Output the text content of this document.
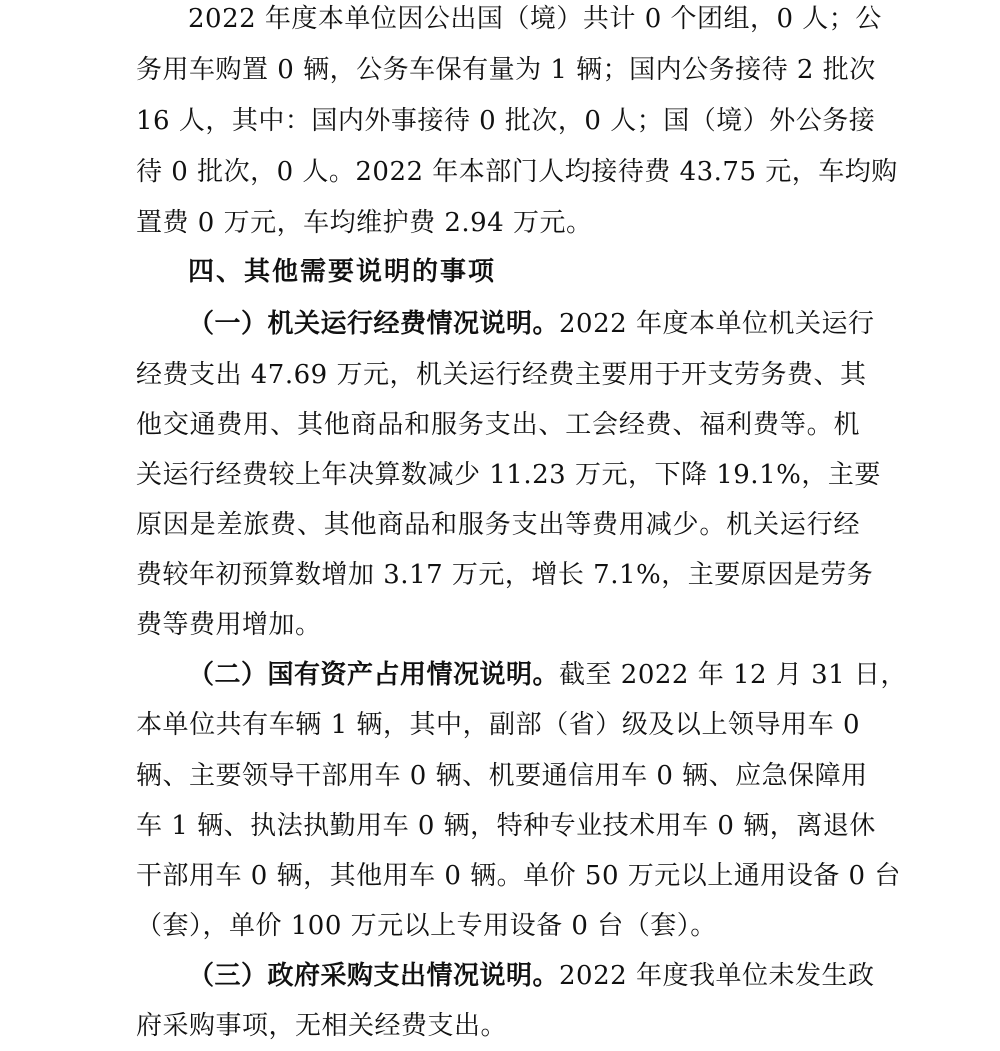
2022 年度本单位因公出国（境）共计 0 个团组，0 人；公
务用车购置 0 辆，公务车保有量为 1 辆；国内公务接待 2 批次
16 人，其中：国内外事接待 0 批次，0 人；国（境）外公务接
待 0 批次，0 人。2022 年本部门人均接待费 43.75 元，车均购
置费 0 万元，车均维护费 2.94 万元。
四、其他需要说明的事项
（一）机关运行经费情况说明。2022 年度本单位机关运行
经费支出 47.69 万元，机关运行经费主要用于开支劳务费、其
他交通费用、其他商品和服务支出、工会经费、福利费等。机
关运行经费较上年决算数减少 11.23 万元，下降 19.1%，主要
原因是差旅费、其他商品和服务支出等费用减少。机关运行经
费较年初预算数增加 3.17 万元，增长 7.1%，主要原因是劳务
费等费用增加。
（二）国有资产占用情况说明。截至 2022 年 12 月 31 日，
本单位共有车辆 1 辆，其中，副部（省）级及以上领导用车 0
辆、主要领导干部用车 0 辆、机要通信用车 0 辆、应急保障用
车 1 辆、执法执勤用车 0 辆，特种专业技术用车 0 辆，离退休
干部用车 0 辆，其他用车 0 辆。单价 50 万元以上通用设备 0 台
（套），单价 100 万元以上专用设备 0 台（套）。
（三）政府采购支出情况说明。2022 年度我单位未发生政
府采购事项，无相关经费支出。
